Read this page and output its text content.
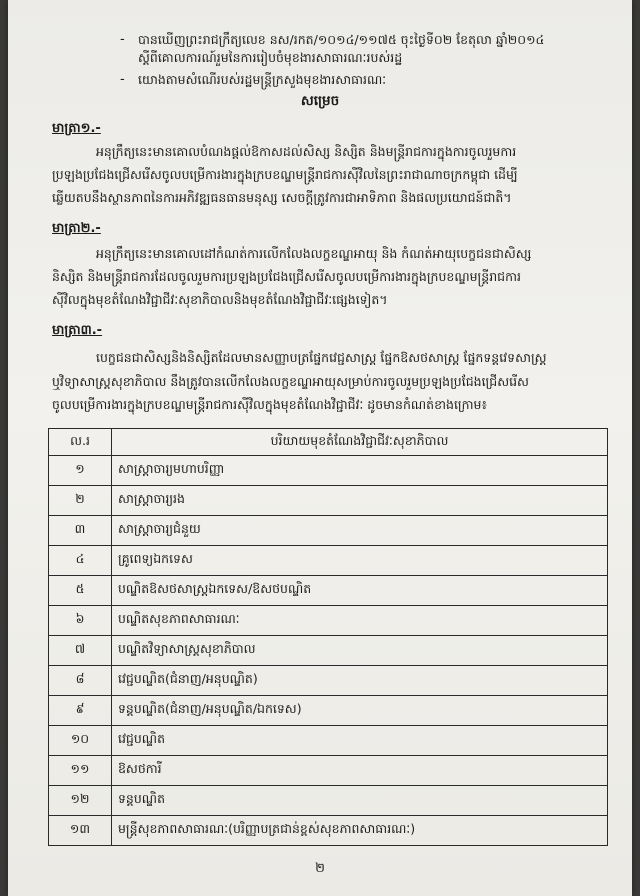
- បានឃើញព្រះរាជក្រឹត្យលេខ នស/រកត/១០១៤/១១៧៥ ចុះថ្ងៃទី០២ ខែតុលា ឆ្នាំ២០១៤
ស្តីពីគោលការណ៍រួមនៃការរៀបចំមុខងារសាធារណៈរបស់រដ្ឋ
- យោងតាមសំណើរបស់រដ្ឋមន្ត្រីក្រសួងមុខងារសាធារណៈ
សម្រេច
មាត្រា១.-
អនុក្រឹត្យនេះមានគោលបំណងផ្តល់ឱកាសដល់សិស្ស និស្សិត និងមន្ត្រីរាជការក្នុងការចូលរួមការ
ប្រឡងប្រជែងជ្រើសរើសចូលបម្រើការងារក្នុងក្របខណ្ឌមន្ត្រីរាជការស៊ីវិលនៃព្រះរាជាណាចក្រកម្ពុជា ដើម្បី
ឆ្លើយតបនឹងស្ថានភាពនៃការអភិវឌ្ឍធនធានមនុស្ស សេចក្តីត្រូវការជាអាទិភាព និងផលប្រយោជន៍ជាតិ។
មាត្រា២.-
អនុក្រឹត្យនេះមានគោលដៅកំណត់ការលើកលែងលក្ខខណ្ឌអាយុ និង កំណត់អាយុបេក្ខជនជាសិស្ស
និស្សិត និងមន្ត្រីរាជការដែលចូលរួមការប្រឡងប្រជែងជ្រើសរើសចូលបម្រើការងារក្នុងក្របខណ្ឌមន្ត្រីរាជការ
ស៊ីវិលក្នុងមុខតំណែងវិជ្ជាជីវៈសុខាភិបាលនិងមុខតំណែងវិជ្ជាជីវៈផ្សេងទៀត។
មាត្រា៣.-
បេក្ខជនជាសិស្សនិងនិស្សិតដែលមានសញ្ញាបត្រផ្នែកវេជ្ជសាស្ត្រ ផ្នែកឱសថសាស្ត្រ ផ្នែកទន្តវេទសាស្ត្រ
ឬវិទ្យាសាស្ត្រសុខាភិបាល នឹងត្រូវបានលើកលែងលក្ខខណ្ឌអាយុសម្រាប់ការចូលរួមប្រឡងប្រជែងជ្រើសរើស
ចូលបម្រើការងារក្នុងក្របខណ្ឌមន្ត្រីរាជការស៊ីវិលក្នុងមុខតំណែងវិជ្ជាជីវៈ ដូចមានកំណត់ខាងក្រោម៖
ល.រ	បរិយាយមុខតំណែងវិជ្ជាជីវៈសុខាភិបាល
១	សាស្ត្រាចារ្យមហាបរិញ្ញា
២	សាស្ត្រាចារ្យរង
៣	សាស្ត្រាចារ្យជំនួយ
៤	គ្រូពេទ្យឯកទេស
៥	បណ្ឌិតឱសថសាស្ត្រឯកទេស/ឱសថបណ្ឌិត
៦	បណ្ឌិតសុខភាពសាធារណៈ
៧	បណ្ឌិតវិទ្យាសាស្ត្រសុខាភិបាល
៨	វេជ្ជបណ្ឌិត(ជំនាញ/អនុបណ្ឌិត)
៩	ទន្តបណ្ឌិត(ជំនាញ/អនុបណ្ឌិត/ឯកទេស)
១០	វេជ្ជបណ្ឌិត
១១	ឱសថការី
១២	ទន្តបណ្ឌិត
១៣	មន្ត្រីសុខភាពសាធារណៈ(បរិញ្ញាបត្រជាន់ខ្ពស់សុខភាពសាធារណៈ)
២
